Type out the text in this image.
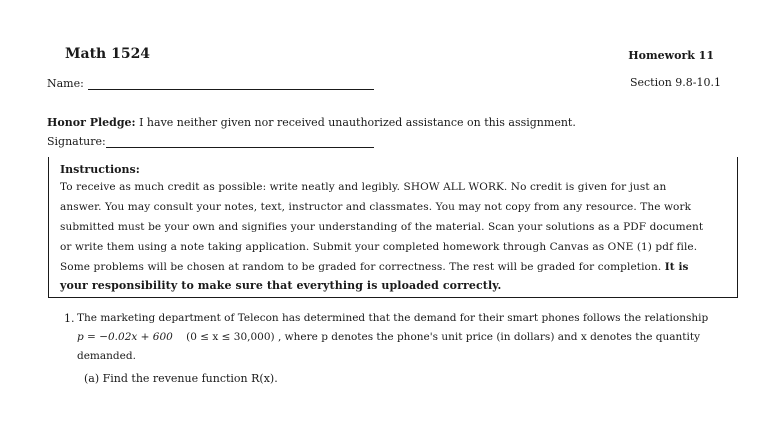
Math 1524	Homework 11
Name:	Section 9.8-10.1
Honor Pledge: I have neither given nor received unauthorized assistance on this assignment.
Signature:
Instructions:
To receive as much credit as possible: write neatly and legibly. SHOW ALL WORK. No credit is given for just an
answer. You may consult your notes, text, instructor and classmates. You may not copy from any resource. The work
submitted must be your own and signifies your understanding of the material. Scan your solutions as a PDF document
or write them using a note taking application. Submit your completed homework through Canvas as ONE (1) pdf file.
Some problems will be chosen at random to be graded for correctness. The rest will be graded for completion. It is
your responsibility to make sure that everything is uploaded correctly.
1. The marketing department of Telecon has determined that the demand for their smart phones follows the relationship
p = −0.02x + 600 (0 ≤ x ≤ 30,000) , where p denotes the phone's unit price (in dollars) and x denotes the quantity
demanded.
(a) Find the revenue function R(x).
